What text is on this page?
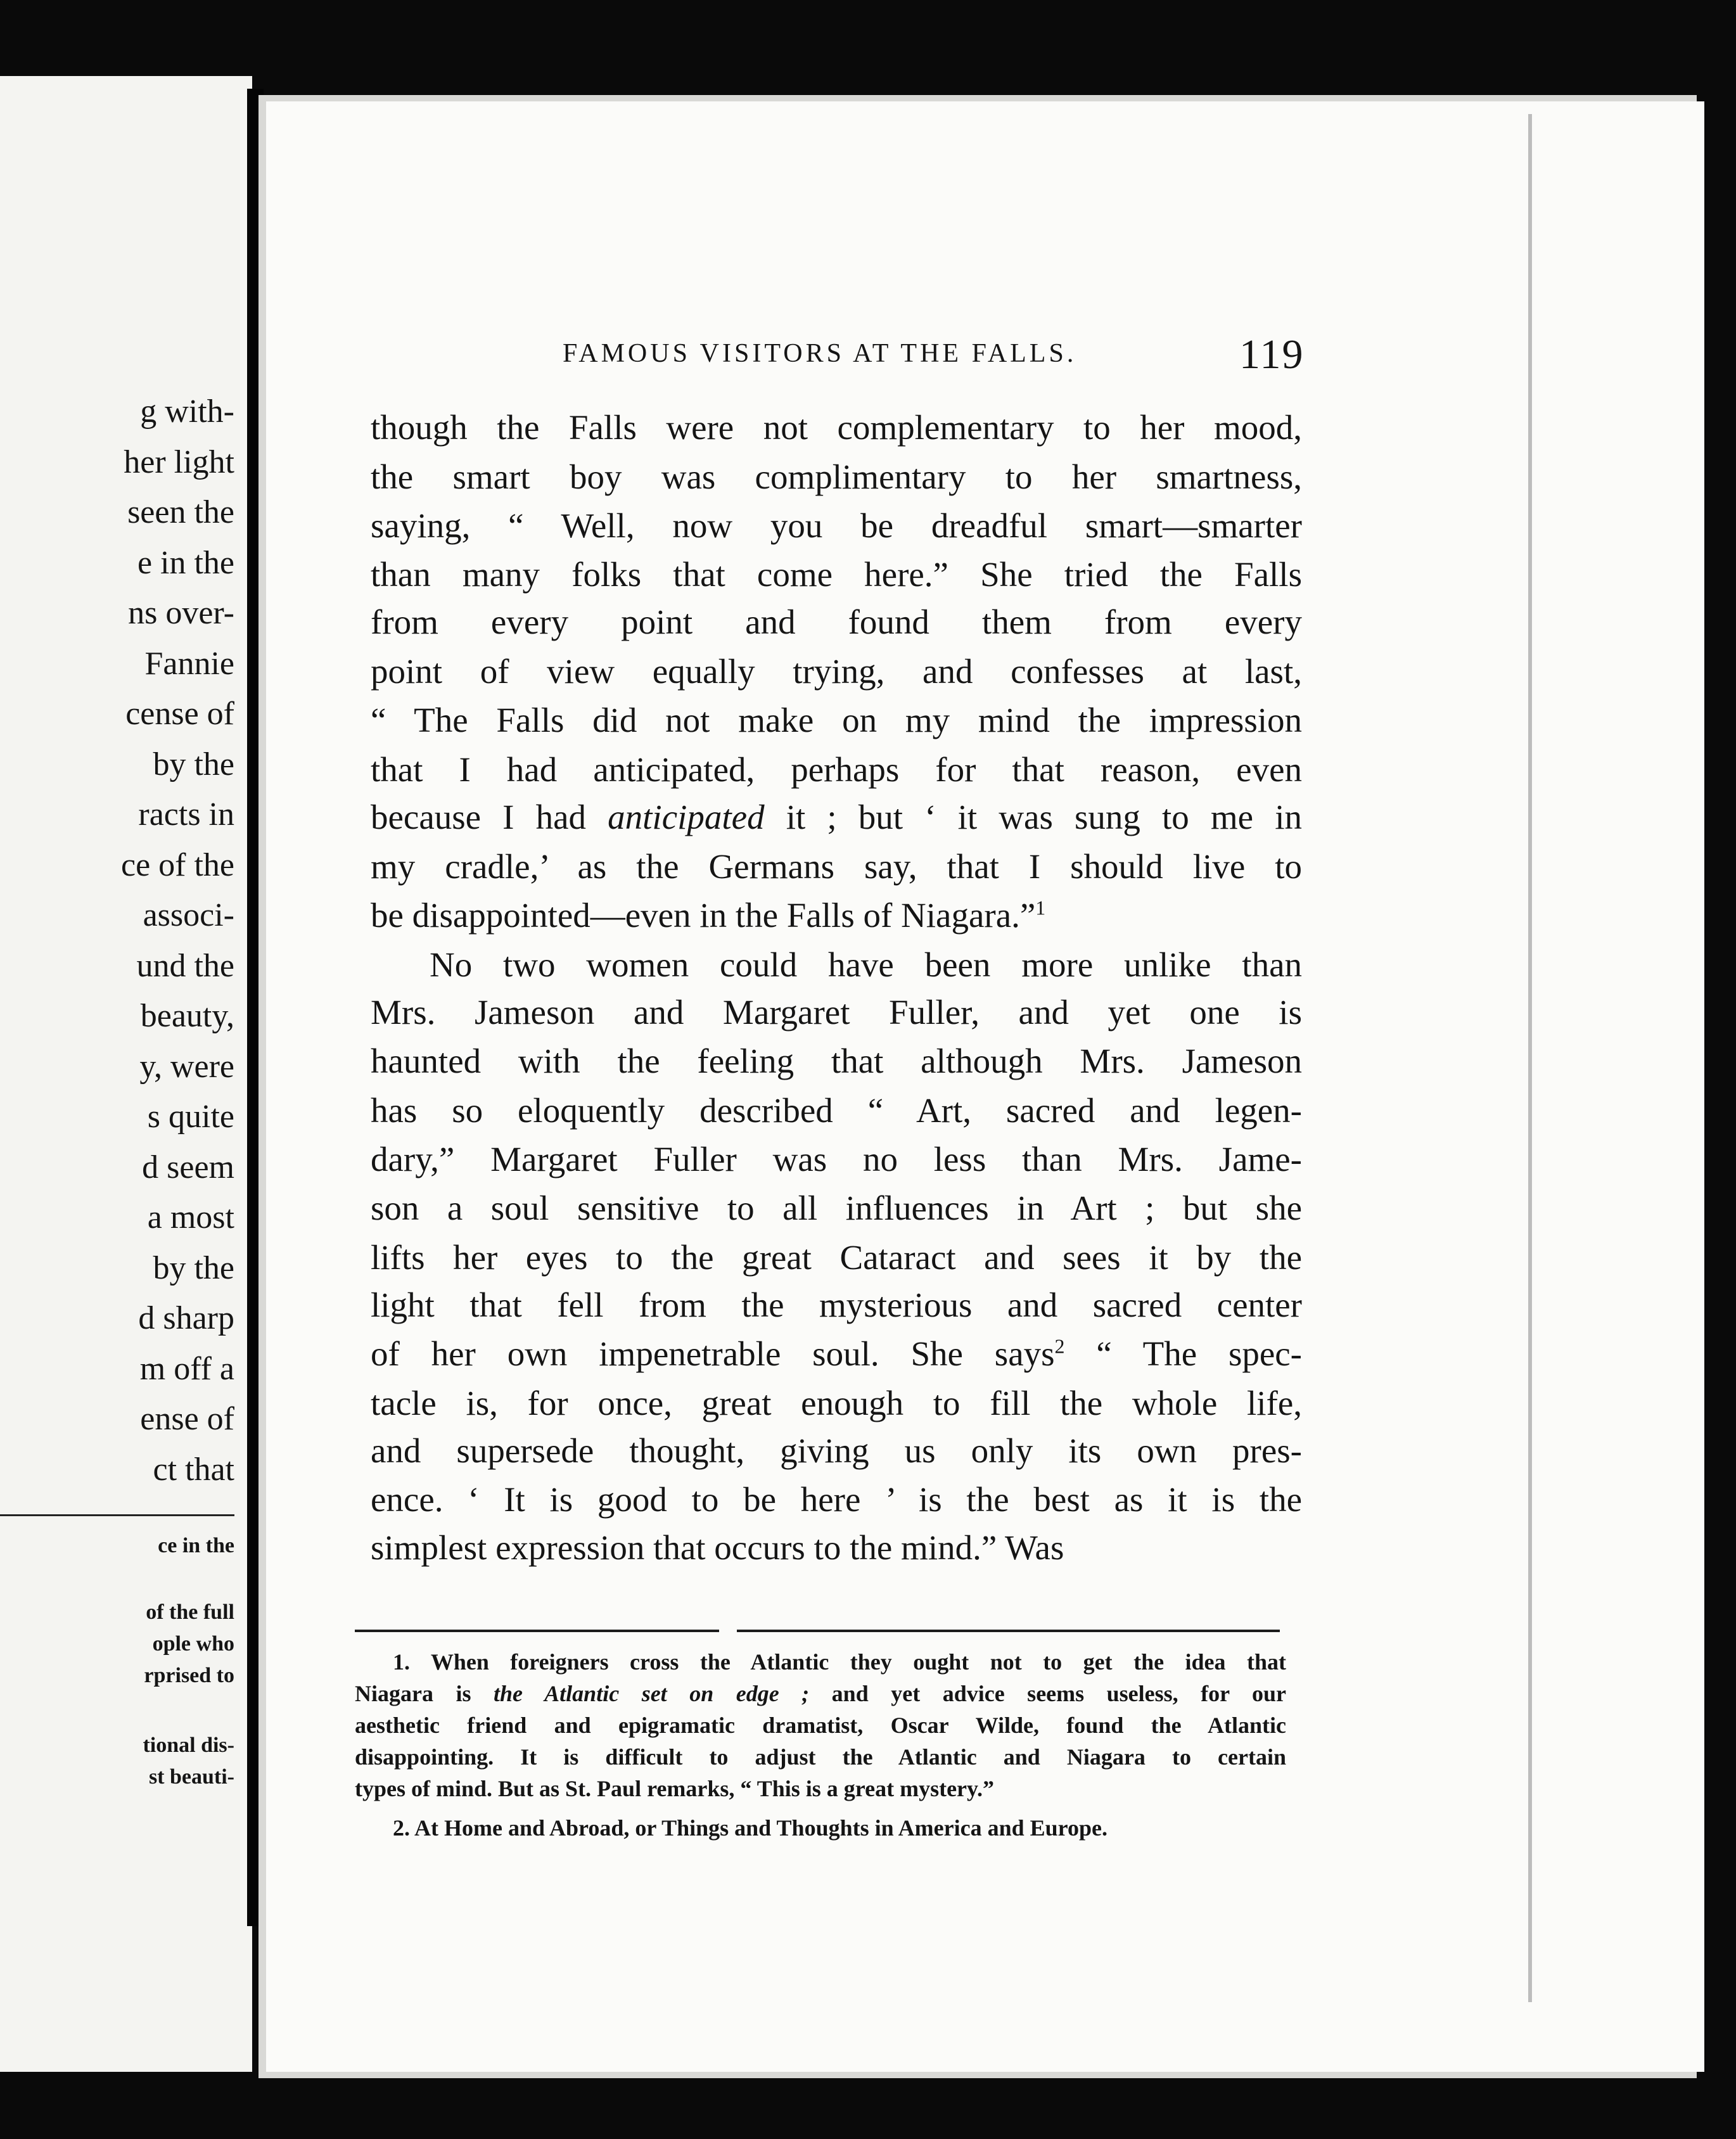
g with-
her light
seen the
e in the
ns over-
Fannie
cense of
by the
racts in
ce of the
associ-
und the
beauty,
y, were
s quite
d seem
a most
by the
d sharp
m off a
ense of
ct that
ce in the
of the full
ople who
rprised to
tional dis-
st beauti-
FAMOUS VISITORS AT THE FALLS.	119
though the Falls were not complementary to her mood,
the smart boy was complimentary to her smartness,
saying, “ Well, now you be dreadful smart—smarter
than many folks that come here.” She tried the Falls
from every point and found them from every
point of view equally trying, and confesses at last,
“ The Falls did not make on my mind the impression
that I had anticipated, perhaps for that reason, even
because I had anticipated it ; but ‘ it was sung to me in
my cradle,’ as the Germans say, that I should live to
be disappointed—even in the Falls of Niagara.”$^1$
No two women could have been more unlike than
Mrs. Jameson and Margaret Fuller, and yet one is
haunted with the feeling that although Mrs. Jameson
has so eloquently described “ Art, sacred and legen-
dary,” Margaret Fuller was no less than Mrs. Jame-
son a soul sensitive to all influences in Art ; but she
lifts her eyes to the great Cataract and sees it by the
light that fell from the mysterious and sacred center
of her own impenetrable soul. She says$^2$ “ The spec-
tacle is, for once, great enough to fill the whole life,
and supersede thought, giving us only its own pres-
ence. ‘ It is good to be here ’ is the best as it is the
simplest expression that occurs to the mind.” Was
1. When foreigners cross the Atlantic they ought not to get the idea that
Niagara is the Atlantic set on edge ; and yet advice seems useless, for our
aesthetic friend and epigramatic dramatist, Oscar Wilde, found the Atlantic
disappointing. It is difficult to adjust the Atlantic and Niagara to certain
types of mind. But as St. Paul remarks, “ This is a great mystery.”
2. At Home and Abroad, or Things and Thoughts in America and Europe.
